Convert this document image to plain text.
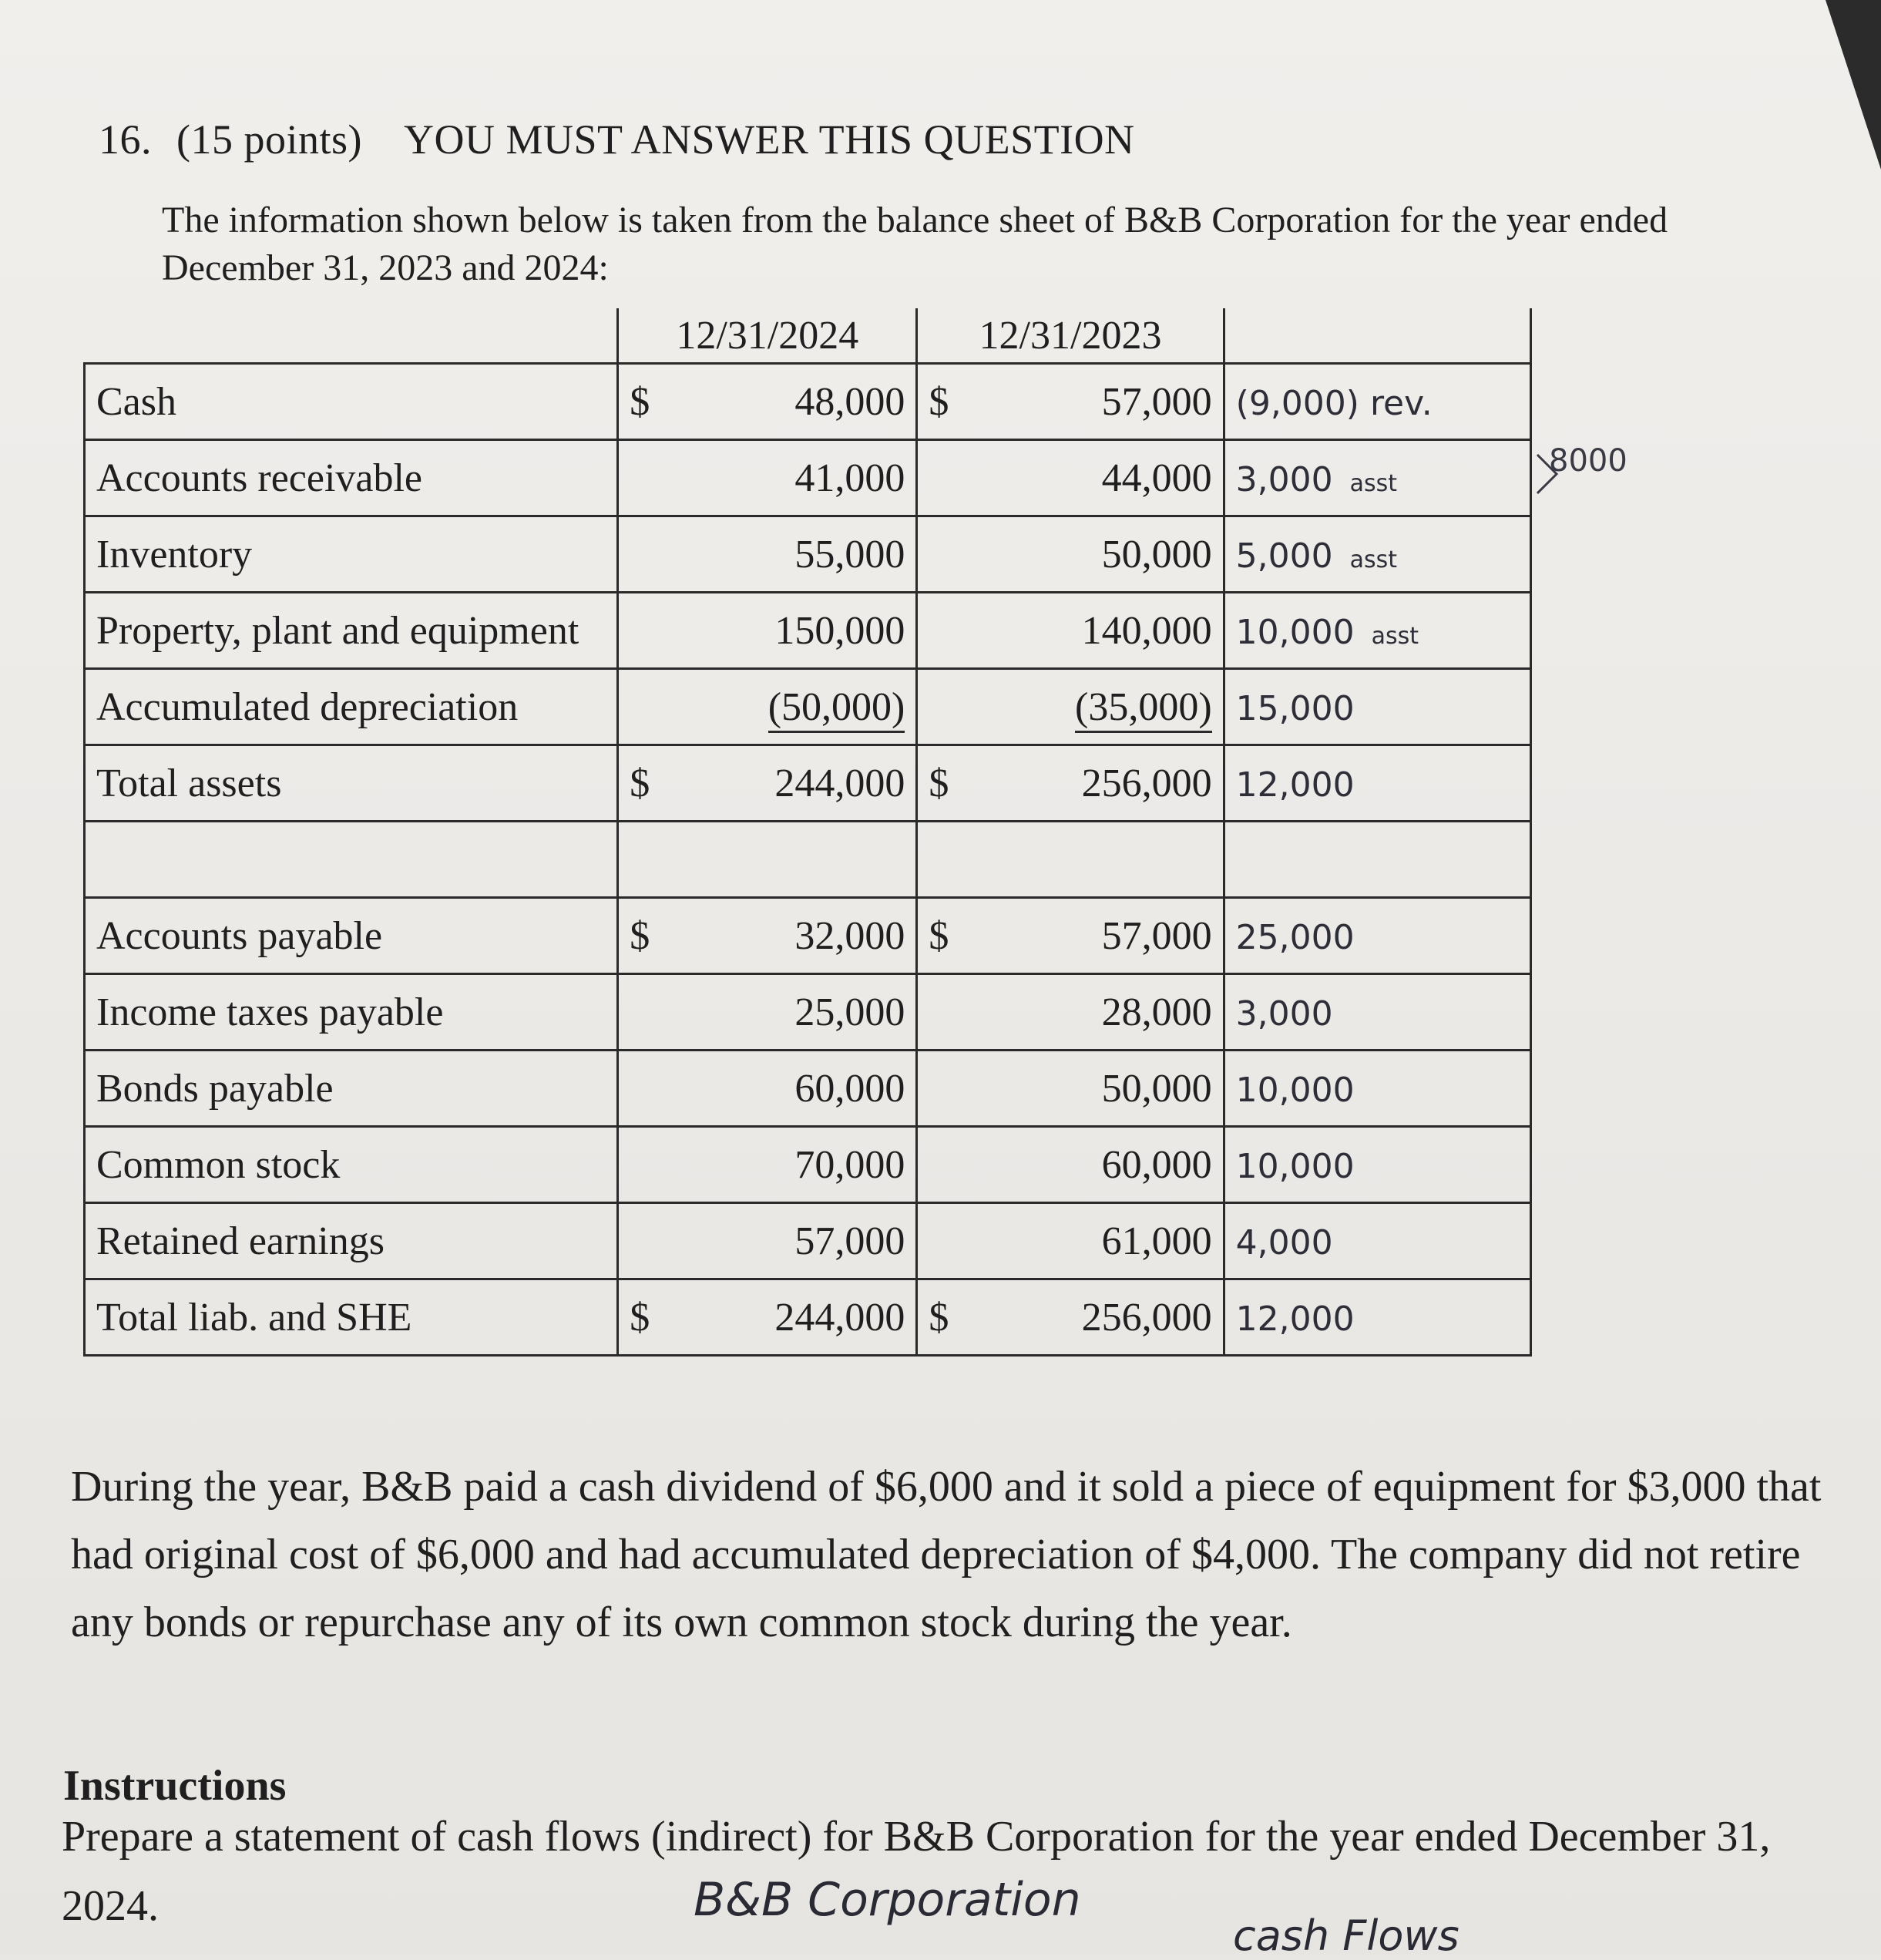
16. (15 points) YOU MUST ANSWER THIS QUESTION
The information shown below is taken from the balance sheet of B&B Corporation for the year ended December 31, 2023 and 2024:
	12/31/2024	12/31/2023	
Cash	$ 48,000	$ 57,000	(9,000) rev.
Accounts receivable	41,000	44,000	3,000 asst
Inventory	55,000	50,000	5,000 asst
Property, plant and equipment	150,000	140,000	10,000 asst
Accumulated depreciation	(50,000)	(35,000)	15,000
Total assets	$ 244,000	$ 256,000	12,000

Accounts payable	$ 32,000	$ 57,000	25,000
Income taxes payable	25,000	28,000	3,000
Bonds payable	60,000	50,000	10,000
Common stock	70,000	60,000	10,000
Retained earnings	57,000	61,000	4,000
Total liab. and SHE	$ 244,000	$ 256,000	12,000
8000
During the year, B&B paid a cash dividend of $6,000 and it sold a piece of equipment for $3,000 that had original cost of $6,000 and had accumulated depreciation of $4,000. The company did not retire any bonds or repurchase any of its own common stock during the year.
Instructions
Prepare a statement of cash flows (indirect) for B&B Corporation for the year ended December 31, 2024.	B&B Corporation
cash Flows
